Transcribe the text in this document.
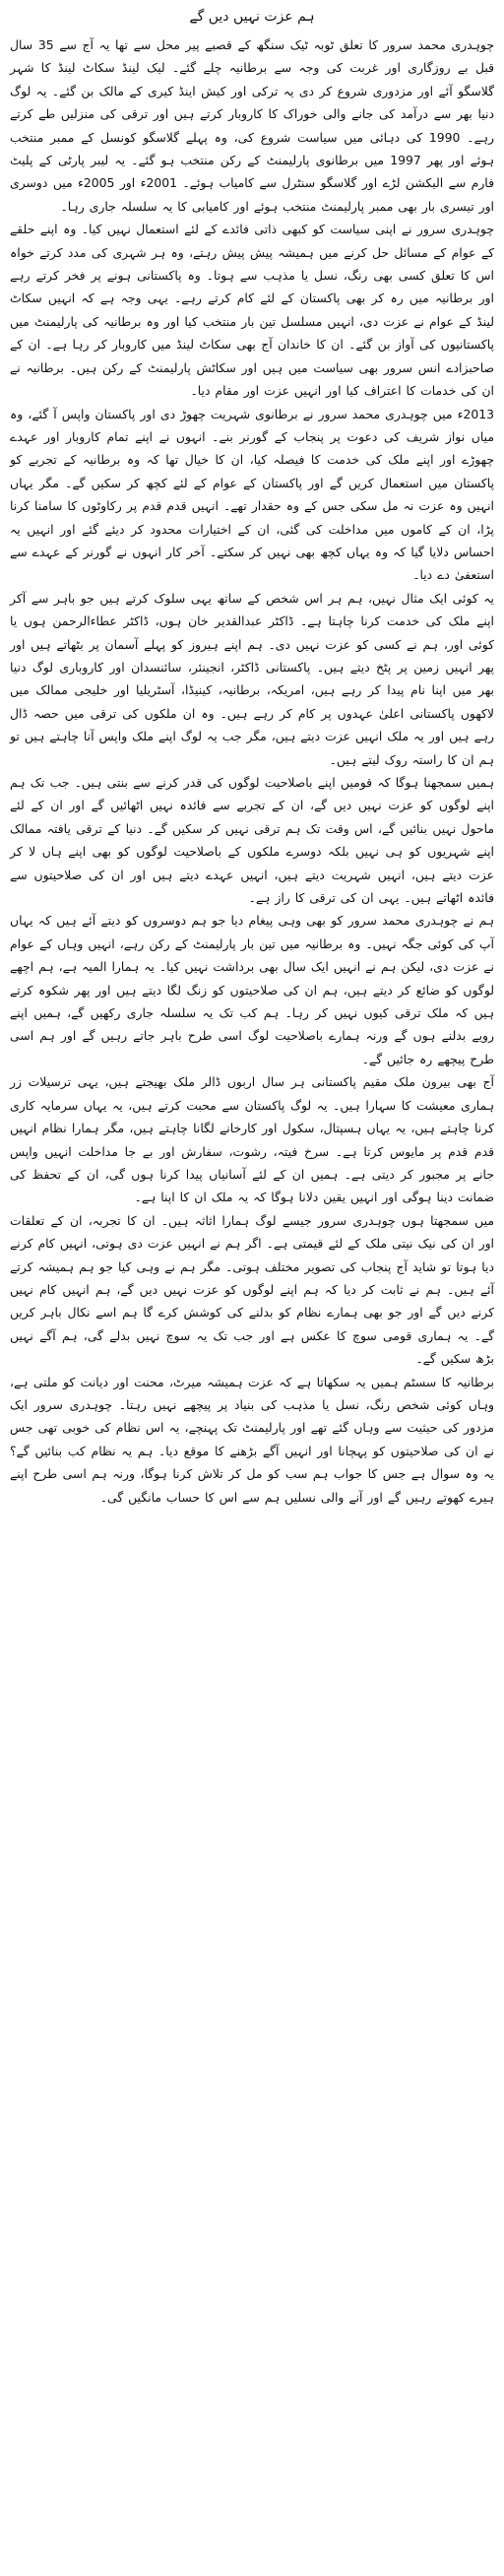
ہم عزت نہیں دیں گے

چوہدری محمد سرور کا تعلق ٹوبہ ٹیک سنگھ کے قصبے پیر محل سے تھا یہ آج سے 35 سال قبل بے روزگاری اور غربت کی وجہ سے برطانیہ چلے گئے۔ لیک لینڈ سکاٹ لینڈ کا شہر گلاسگو آئے اور مزدوری شروع کر دی یہ ترکی اور کیش اینڈ کیری کے مالک بن گئے۔ یہ لوگ دنیا بھر سے درآمد کی جانے والی خوراک کا کاروبار کرتے ہیں اور ترقی کی منزلیں طے کرتے رہے۔ 1990 کی دہائی میں سیاست شروع کی، وہ پہلے گلاسگو کونسل کے ممبر منتخب ہوئے اور پھر 1997 میں برطانوی پارلیمنٹ کے رکن منتخب ہو گئے۔ یہ لیبر پارٹی کے پلیٹ فارم سے الیکشن لڑے اور گلاسگو سنٹرل سے کامیاب ہوئے۔ 2001ء اور 2005ء میں دوسری اور تیسری بار بھی ممبر پارلیمنٹ منتخب ہوئے اور کامیابی کا یہ سلسلہ جاری رہا۔

چوہدری سرور نے اپنی سیاست کو کبھی ذاتی فائدے کے لئے استعمال نہیں کیا۔ وہ اپنے حلقے کے عوام کے مسائل حل کرنے میں ہمیشہ پیش پیش رہتے، وہ ہر شہری کی مدد کرتے خواہ اس کا تعلق کسی بھی رنگ، نسل یا مذہب سے ہوتا۔ وہ پاکستانی ہونے پر فخر کرتے رہے اور برطانیہ میں رہ کر بھی پاکستان کے لئے کام کرتے رہے۔ یہی وجہ ہے کہ انہیں سکاٹ لینڈ کے عوام نے عزت دی، انہیں مسلسل تین بار منتخب کیا اور وہ برطانیہ کی پارلیمنٹ میں پاکستانیوں کی آواز بن گئے۔ ان کا خاندان آج بھی سکاٹ لینڈ میں کاروبار کر رہا ہے۔ ان کے صاحبزادے انس سرور بھی سیاست میں ہیں اور سکاٹش پارلیمنٹ کے رکن ہیں۔ برطانیہ نے ان کی خدمات کا اعتراف کیا اور انہیں عزت اور مقام دیا۔

2013ء میں چوہدری محمد سرور نے برطانوی شہریت چھوڑ دی اور پاکستان واپس آ گئے، وہ میاں نواز شریف کی دعوت پر پنجاب کے گورنر بنے۔ انہوں نے اپنے تمام کاروبار اور عہدے چھوڑے اور اپنے ملک کی خدمت کا فیصلہ کیا، ان کا خیال تھا کہ وہ برطانیہ کے تجربے کو پاکستان میں استعمال کریں گے اور پاکستان کے عوام کے لئے کچھ کر سکیں گے۔ مگر یہاں انہیں وہ عزت نہ مل سکی جس کے وہ حقدار تھے۔ انہیں قدم قدم پر رکاوٹوں کا سامنا کرنا پڑا، ان کے کاموں میں مداخلت کی گئی، ان کے اختیارات محدود کر دیئے گئے اور انہیں یہ احساس دلایا گیا کہ وہ یہاں کچھ بھی نہیں کر سکتے۔ آخر کار انہوں نے گورنر کے عہدے سے استعفیٰ دے دیا۔

یہ کوئی ایک مثال نہیں، ہم ہر اس شخص کے ساتھ یہی سلوک کرتے ہیں جو باہر سے آکر اپنے ملک کی خدمت کرنا چاہتا ہے۔ ڈاکٹر عبدالقدیر خان ہوں، ڈاکٹر عطاءالرحمن ہوں یا کوئی اور، ہم نے کسی کو عزت نہیں دی۔ ہم اپنے ہیروز کو پہلے آسمان پر بٹھاتے ہیں اور پھر انہیں زمین پر پٹخ دیتے ہیں۔ پاکستانی ڈاکٹر، انجینئر، سائنسدان اور کاروباری لوگ دنیا بھر میں اپنا نام پیدا کر رہے ہیں، امریکہ، برطانیہ، کینیڈا، آسٹریلیا اور خلیجی ممالک میں لاکھوں پاکستانی اعلیٰ عہدوں پر کام کر رہے ہیں۔ وہ ان ملکوں کی ترقی میں حصہ ڈال رہے ہیں اور یہ ملک انہیں عزت دیتے ہیں، مگر جب یہ لوگ اپنے ملک واپس آنا چاہتے ہیں تو ہم ان کا راستہ روک لیتے ہیں۔

ہمیں سمجھنا ہوگا کہ قومیں اپنے باصلاحیت لوگوں کی قدر کرنے سے بنتی ہیں۔ جب تک ہم اپنے لوگوں کو عزت نہیں دیں گے، ان کے تجربے سے فائدہ نہیں اٹھائیں گے اور ان کے لئے ماحول نہیں بنائیں گے، اس وقت تک ہم ترقی نہیں کر سکیں گے۔ دنیا کے ترقی یافتہ ممالک اپنے شہریوں کو ہی نہیں بلکہ دوسرے ملکوں کے باصلاحیت لوگوں کو بھی اپنے ہاں لا کر عزت دیتے ہیں، انہیں شہریت دیتے ہیں، انہیں عہدے دیتے ہیں اور ان کی صلاحیتوں سے فائدہ اٹھاتے ہیں۔ یہی ان کی ترقی کا راز ہے۔

ہم نے چوہدری محمد سرور کو بھی وہی پیغام دیا جو ہم دوسروں کو دیتے آئے ہیں کہ یہاں آپ کی کوئی جگہ نہیں۔ وہ برطانیہ میں تین بار پارلیمنٹ کے رکن رہے، انہیں وہاں کے عوام نے عزت دی، لیکن ہم نے انہیں ایک سال بھی برداشت نہیں کیا۔ یہ ہمارا المیہ ہے، ہم اچھے لوگوں کو ضائع کر دیتے ہیں، ہم ان کی صلاحیتوں کو زنگ لگا دیتے ہیں اور پھر شکوہ کرتے ہیں کہ ملک ترقی کیوں نہیں کر رہا۔ ہم کب تک یہ سلسلہ جاری رکھیں گے، ہمیں اپنے رویے بدلنے ہوں گے ورنہ ہمارے باصلاحیت لوگ اسی طرح باہر جاتے رہیں گے اور ہم اسی طرح پیچھے رہ جائیں گے۔

آج بھی بیرون ملک مقیم پاکستانی ہر سال اربوں ڈالر ملک بھیجتے ہیں، یہی ترسیلات زر ہماری معیشت کا سہارا ہیں۔ یہ لوگ پاکستان سے محبت کرتے ہیں، یہ یہاں سرمایہ کاری کرنا چاہتے ہیں، یہ یہاں ہسپتال، سکول اور کارخانے لگانا چاہتے ہیں، مگر ہمارا نظام انہیں قدم قدم پر مایوس کرتا ہے۔ سرخ فیتہ، رشوت، سفارش اور بے جا مداخلت انہیں واپس جانے پر مجبور کر دیتی ہے۔ ہمیں ان کے لئے آسانیاں پیدا کرنا ہوں گی، ان کے تحفظ کی ضمانت دینا ہوگی اور انہیں یقین دلانا ہوگا کہ یہ ملک ان کا اپنا ہے۔

میں سمجھتا ہوں چوہدری سرور جیسے لوگ ہمارا اثاثہ ہیں۔ ان کا تجربہ، ان کے تعلقات اور ان کی نیک نیتی ملک کے لئے قیمتی ہے۔ اگر ہم نے انہیں عزت دی ہوتی، انہیں کام کرنے دیا ہوتا تو شاید آج پنجاب کی تصویر مختلف ہوتی۔ مگر ہم نے وہی کیا جو ہم ہمیشہ کرتے آئے ہیں۔ ہم نے ثابت کر دیا کہ ہم اپنے لوگوں کو عزت نہیں دیں گے، ہم انہیں کام نہیں کرنے دیں گے اور جو بھی ہمارے نظام کو بدلنے کی کوشش کرے گا ہم اسے نکال باہر کریں گے۔ یہ ہماری قومی سوچ کا عکس ہے اور جب تک یہ سوچ نہیں بدلے گی، ہم آگے نہیں بڑھ سکیں گے۔

برطانیہ کا سسٹم ہمیں یہ سکھاتا ہے کہ عزت ہمیشہ میرٹ، محنت اور دیانت کو ملتی ہے، وہاں کوئی شخص رنگ، نسل یا مذہب کی بنیاد پر پیچھے نہیں رہتا۔ چوہدری سرور ایک مزدور کی حیثیت سے وہاں گئے تھے اور پارلیمنٹ تک پہنچے، یہ اس نظام کی خوبی تھی جس نے ان کی صلاحیتوں کو پہچانا اور انہیں آگے بڑھنے کا موقع دیا۔ ہم یہ نظام کب بنائیں گے؟ یہ وہ سوال ہے جس کا جواب ہم سب کو مل کر تلاش کرنا ہوگا، ورنہ ہم اسی طرح اپنے ہیرے کھوتے رہیں گے اور آنے والی نسلیں ہم سے اس کا حساب مانگیں گی۔
